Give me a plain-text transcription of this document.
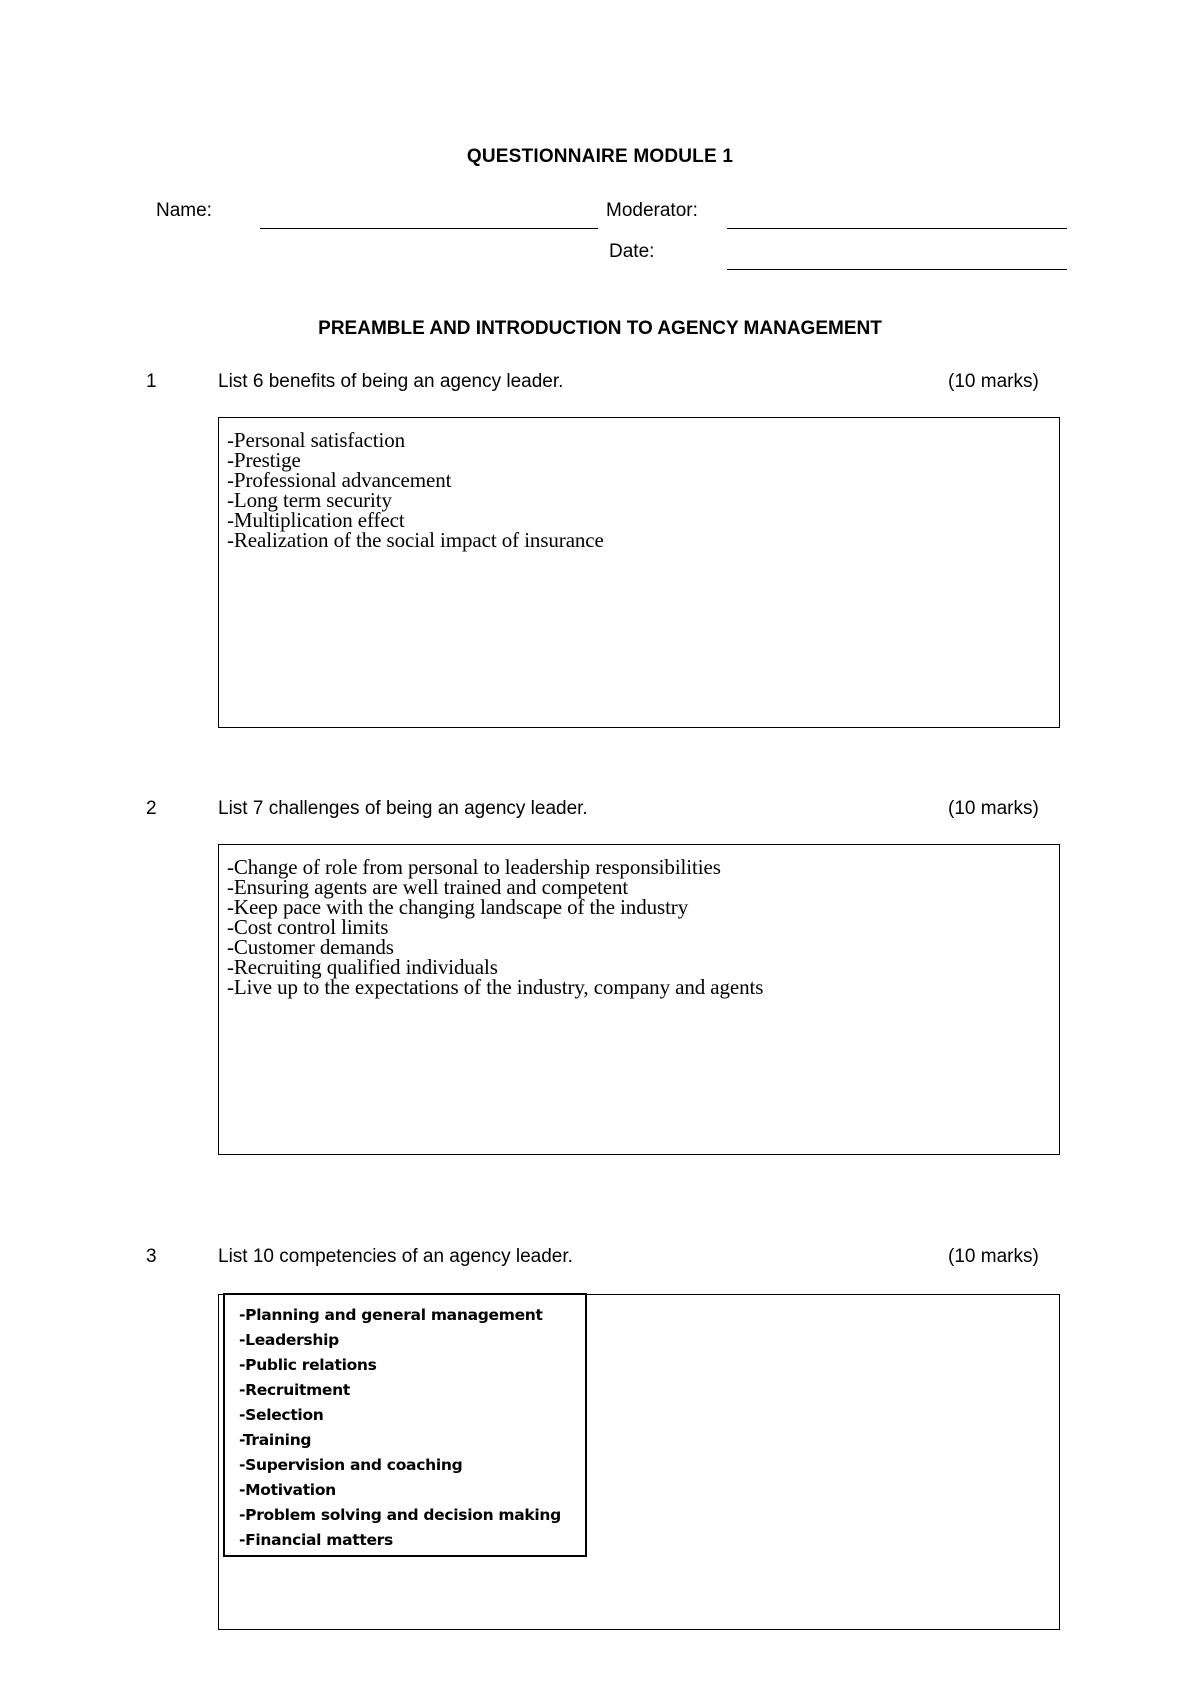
QUESTIONNAIRE MODULE 1
Name:	Moderator:
Date:
PREAMBLE AND INTRODUCTION TO AGENCY MANAGEMENT
1	List 6 benefits of being an agency leader.	(10 marks)
-Personal satisfaction
-Prestige
-Professional advancement
-Long term security
-Multiplication effect
-Realization of the social impact of insurance
2	List 7 challenges of being an agency leader.	(10 marks)
-Change of role from personal to leadership responsibilities
-Ensuring agents are well trained and competent
-Keep pace with the changing landscape of the industry
-Cost control limits
-Customer demands
-Recruiting qualified individuals
-Live up to the expectations of the industry, company and agents
3	List 10 competencies of an agency leader.	(10 marks)
-Planning and general management
-Leadership
-Public relations
-Recruitment
-Selection
-Training
-Supervision and coaching
-Motivation
-Problem solving and decision making
-Financial matters
